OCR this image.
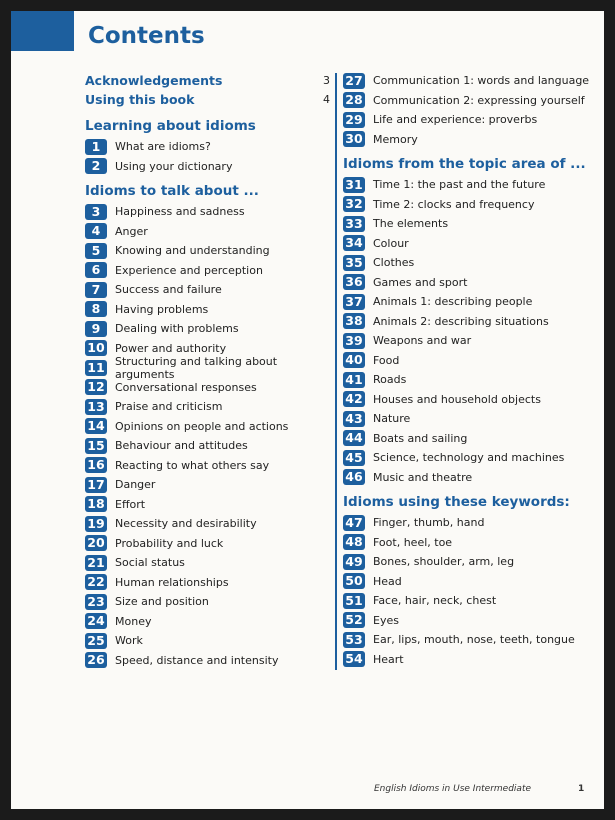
Contents
Acknowledgements	3
Using this book	4
Learning about idioms
1	What are idioms?
2	Using your dictionary
Idioms to talk about ...
3	Happiness and sadness
4	Anger
5	Knowing and understanding
6	Experience and perception
7	Success and failure
8	Having problems
9	Dealing with problems
10 Power and authority
11 Structuring and talking about arguments
12 Conversational responses
13 Praise and criticism
14 Opinions on people and actions
15 Behaviour and attitudes
16 Reacting to what others say
17 Danger
18 Effort
19 Necessity and desirability
20 Probability and luck
21 Social status
22 Human relationships
23 Size and position
24 Money
25 Work
26 Speed, distance and intensity
27 Communication 1: words and language
28 Communication 2: expressing yourself
29 Life and experience: proverbs
30 Memory
Idioms from the topic area of ...
31 Time 1: the past and the future
32 Time 2: clocks and frequency
33 The elements
34 Colour
35 Clothes
36 Games and sport
37 Animals 1: describing people
38 Animals 2: describing situations
39 Weapons and war
40 Food
41 Roads
42 Houses and household objects
43 Nature
44 Boats and sailing
45 Science, technology and machines
46 Music and theatre
Idioms using these keywords:
47 Finger, thumb, hand
48 Foot, heel, toe
49 Bones, shoulder, arm, leg
50 Head
51 Face, hair, neck, chest
52 Eyes
53 Ear, lips, mouth, nose, teeth, tongue
54 Heart
English Idioms in Use Intermediate	1
